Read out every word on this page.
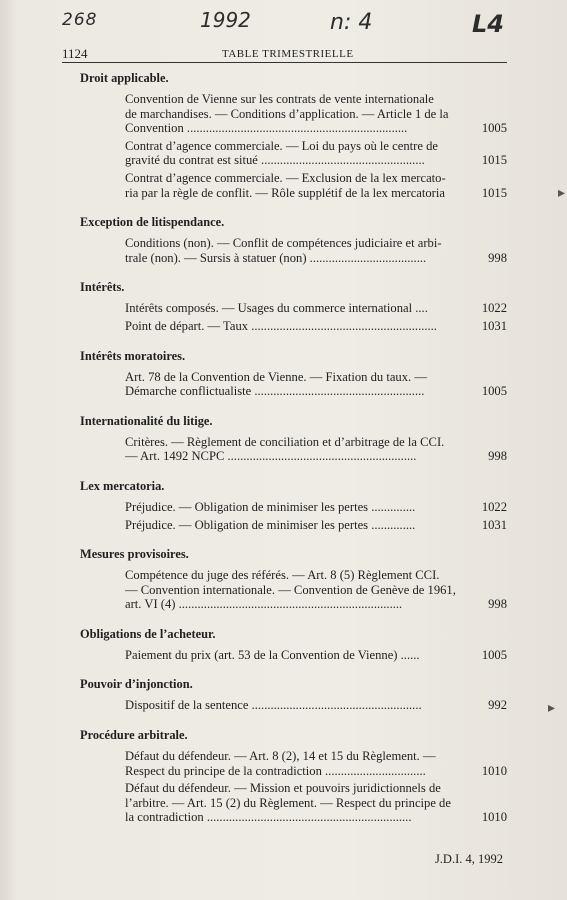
268	1992	n: 4	L4
1124	TABLE TRIMESTRIELLE
Droit applicable.
Convention de Vienne sur les contrats de vente internationale
de marchandises. — Conditions d’application. — Article 1 de la
Convention ......................................................................	1005
Contrat d’agence commerciale. — Loi du pays où le centre de
gravité du contrat est situé ....................................................	1015
Contrat d’agence commerciale. — Exclusion de la lex mercato-
ria par la règle de conflit. — Rôle supplétif de la lex mercatoria	1015
Exception de litispendance.
Conditions (non). — Conflit de compétences judiciaire et arbi-
trale (non). — Sursis à statuer (non) .....................................	998
Intérêts.
Intérêts composés. — Usages du commerce international ....	1022
Point de départ. — Taux ...........................................................	1031
Intérêts moratoires.
Art. 78 de la Convention de Vienne. — Fixation du taux. —
Démarche conflictualiste ......................................................	1005
Internationalité du litige.
Critères. — Règlement de conciliation et d’arbitrage de la CCI.
— Art. 1492 NCPC ............................................................	998
Lex mercatoria.
Préjudice. — Obligation de minimiser les pertes ..............	1022
Préjudice. — Obligation de minimiser les pertes ..............	1031
Mesures provisoires.
Compétence du juge des référés. — Art. 8 (5) Règlement CCI.
— Convention internationale. — Convention de Genève de 1961,
art. VI (4) .......................................................................	998
Obligations de l’acheteur.
Paiement du prix (art. 53 de la Convention de Vienne) ......	1005
Pouvoir d’injonction.
Dispositif de la sentence ......................................................	992
Procédure arbitrale.
Défaut du défendeur. — Art. 8 (2), 14 et 15 du Règlement. —
Respect du principe de la contradiction ................................	1010
Défaut du défendeur. — Mission et pouvoirs juridictionnels de
l’arbitre. — Art. 15 (2) du Règlement. — Respect du principe de
la contradiction .................................................................	1010
J.D.I. 4, 1992
▸
▸
